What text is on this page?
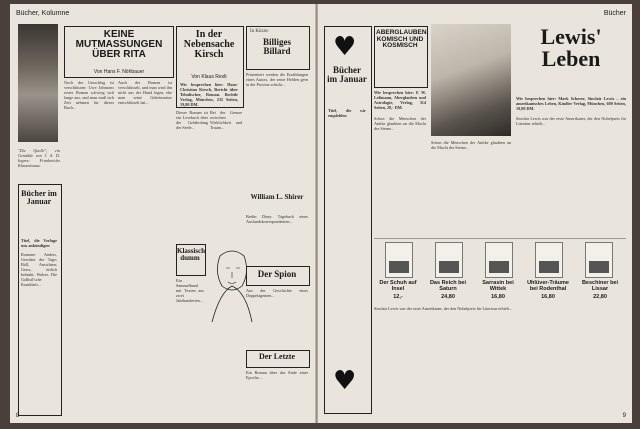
Bücher, Kolumne
"Die Quelle", ein Gemälde von J. A. D. Ingres: Frankreichs Klassizismus.
KEINE MUTMASSUNGEN ÜBER RITA
Von Hans F. Nöhbauer
Noch der Umschlag ist verschlüssen: Uwe Johnsons erster Roman schwieg sich lange aus, und man muß sich Zeit nehmen für dieses Buch...
Auch der Roman ist verschlüsselt, und man wird ihn nicht aus der Hand legen, ehe man seine Geheimnisse entschlüsselt hat...
Bücher im Januar
Titel, die Verlage uns ankündigen
Romane: Anders, Gewitter der Tage; Böll, Ansichten; Grass, örtlich betäubt; Walser, Die Gallistl'sche Krankheit...
In der Nebensache Kirsch
Von Klaus Rexlt
Wir besprechen hier: Hans-Christian Kirsch, Bericht über Tehnlischer, Roman. Bechtle Verlag, München, 232 Seiten, 19,80 DM.
Dieser Roman ist ein Lesebuch über die Gefährdung der Seele...
Bei der Grenze zwischen Wirklichkeit und Traum...
Klassisch dumm
Ein Sammelband mit Texten aus zwei Jahrhunderten...
In Kürze:
Billiges Billard
Präsentiert werden die Erzählungen eines Autors, der seine Helden gern in die Provinz schickt...
William L. Shirer
Berlin Diary: Tagebuch eines Auslandskorrespondenten...
Der Spion
Aus der Geschichte eines Doppelagenten...
Der Letzte
Ein Roman über das Ende einer Epoche...
8
Bücher
♥
Bücher im Januar
Titel, die wir empfehlen
♥
ABERGLAUBEN, KOMISCH UND KOSMISCH
Wir besprechen hier: F. W. Leßmann, Aberglauben und Astrologie, Verlag, 314 Seiten, 28,- DM.
Schon die Menschen der Antike glaubten an die Macht der Sterne...
Lewis' Leben
Wir besprechen hier: Mark Schorer, Sinclair Lewis – ein amerikanisches Leben, Kindler Verlag, München, 600 Seiten, 19,80 DM.
Sinclair Lewis war der erste Amerikaner, der den Nobelpreis für Literatur erhielt...
Schon die Menschen der Antike glaubten an die Macht der Sterne...
Der Schuh auf Insel
12,-
Das Reich bei Saturn
24,80
Sarrasin bei Wittek
16,80
Uhlüver-Träume bei Rodenthal
16,80
Beschiner bei Lissar
22,80
Sinclair Lewis war der erste Amerikaner, der den Nobelpreis für Literatur erhielt...
9
